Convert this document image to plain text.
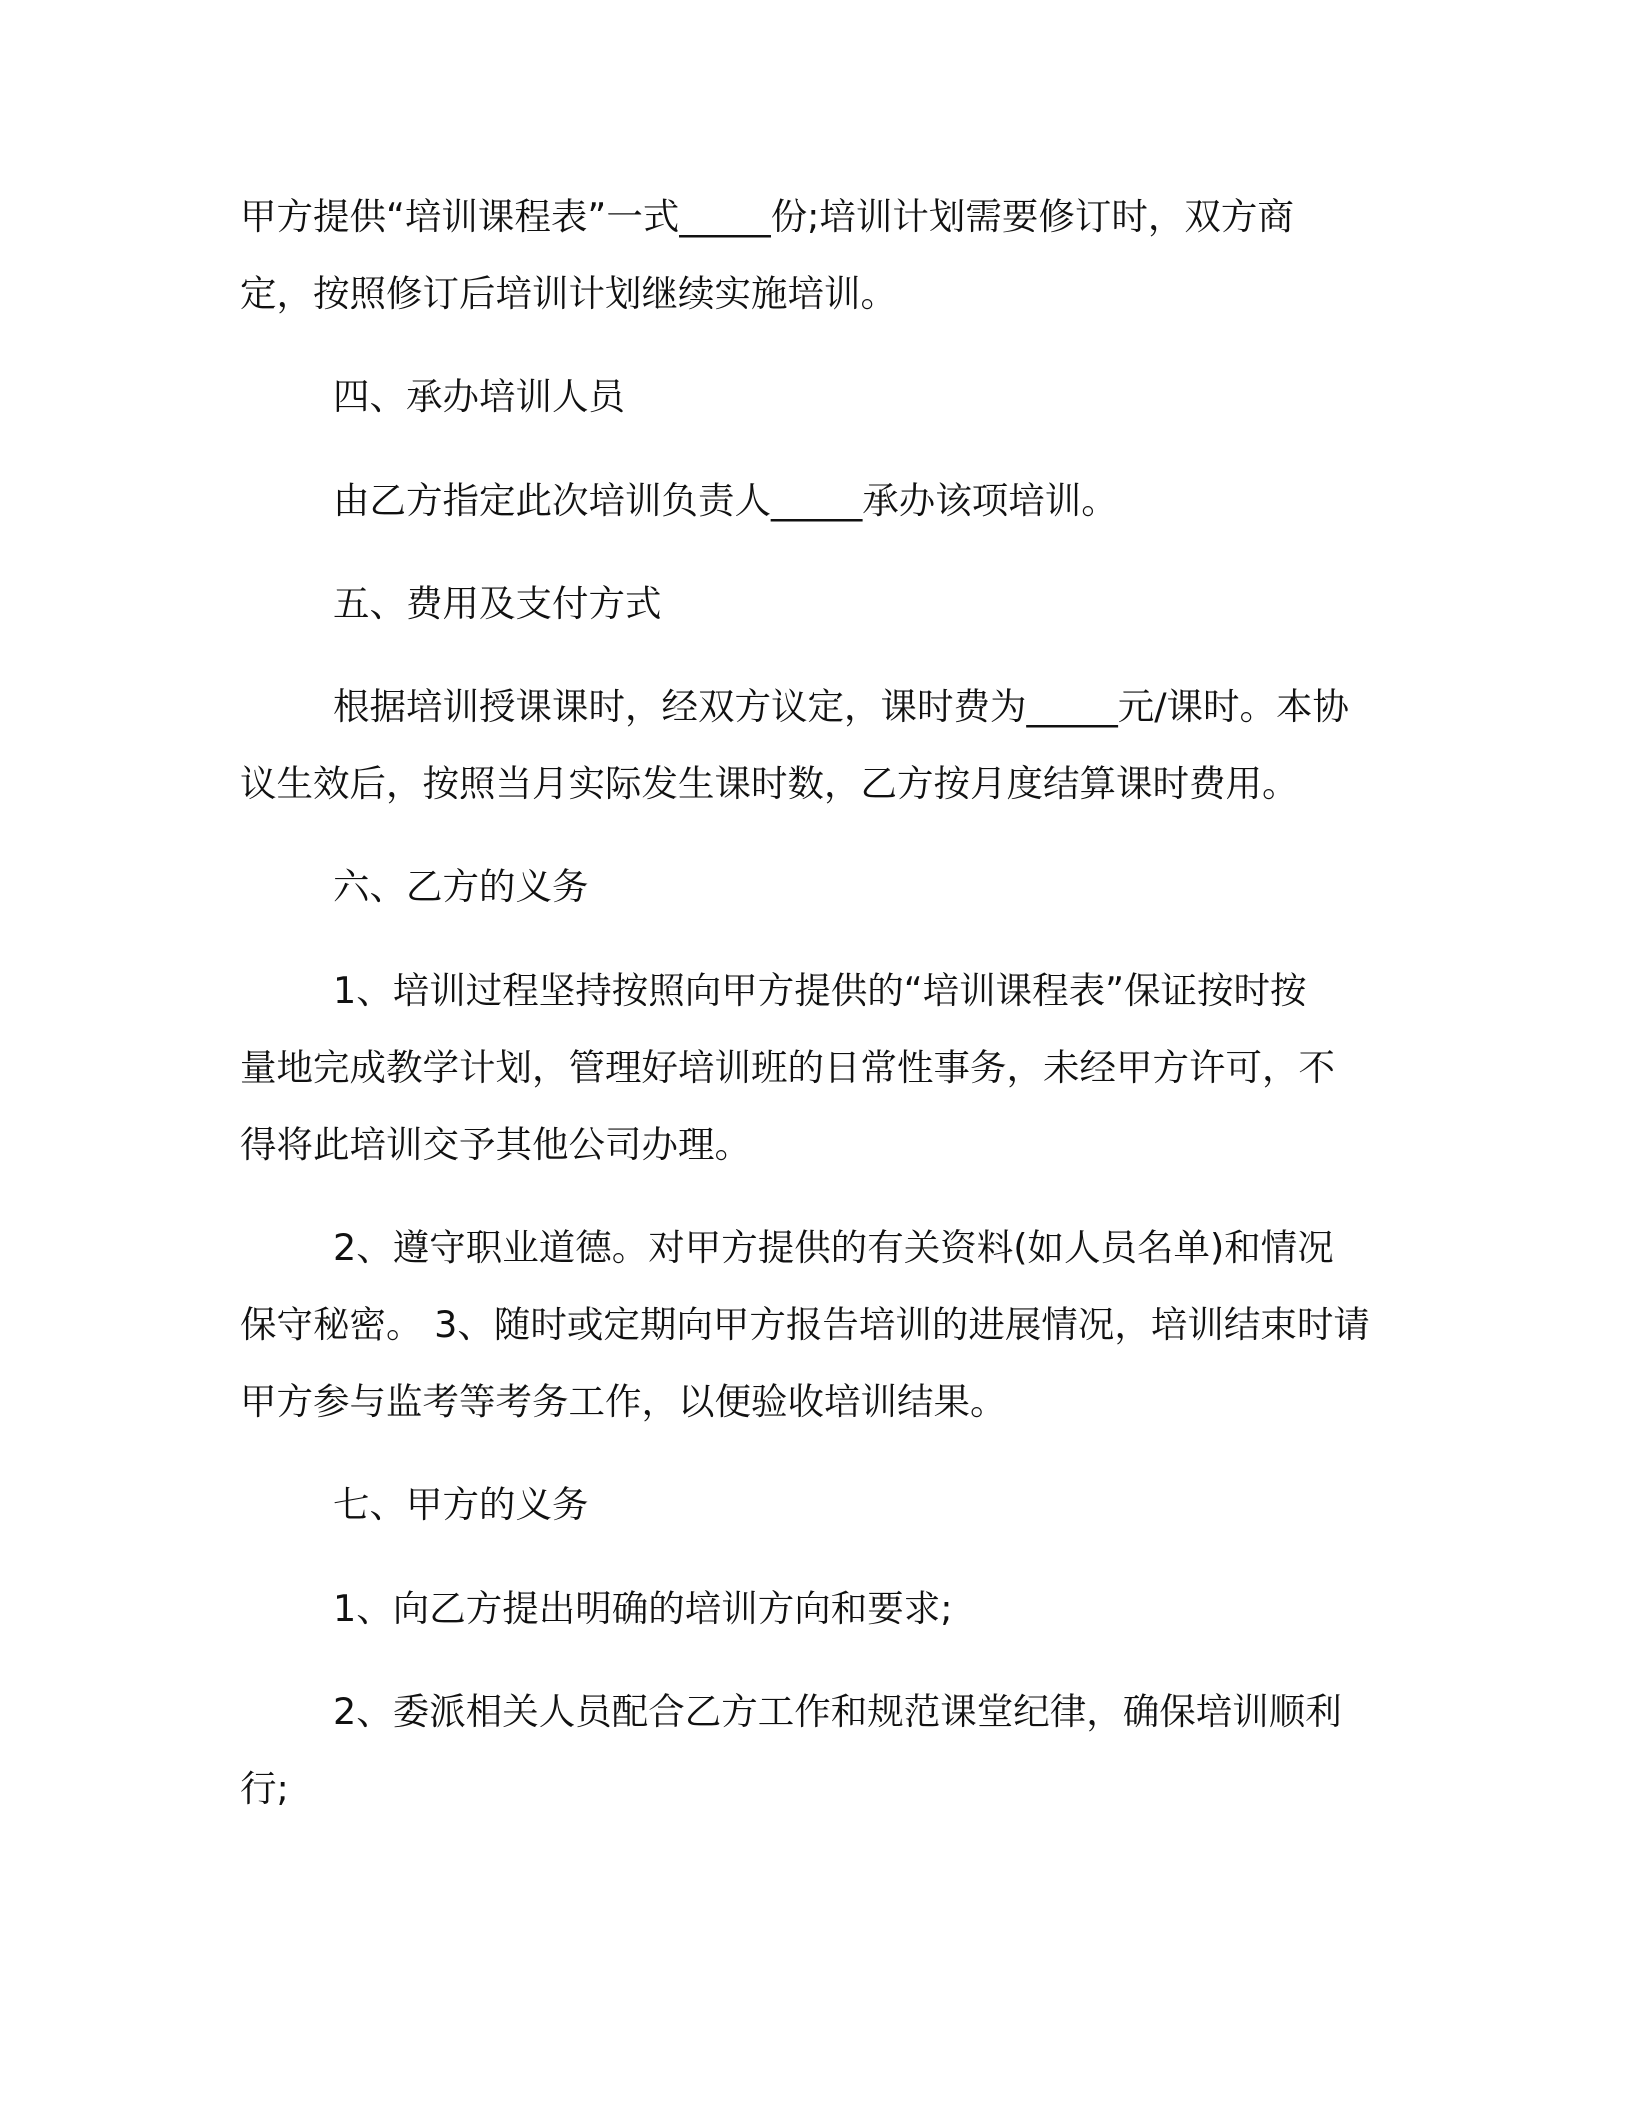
甲方提供“培训课程表”一式_____份;培训计划需要修订时，双方商
定，按照修订后培训计划继续实施培训。
四、承办培训人员
由乙方指定此次培训负责人_____承办该项培训。
五、费用及支付方式
根据培训授课课时，经双方议定，课时费为_____元/课时。本协
议生效后，按照当月实际发生课时数，乙方按月度结算课时费用。
六、乙方的义务
1、培训过程坚持按照向甲方提供的“培训课程表”保证按时按
量地完成教学计划，管理好培训班的日常性事务，未经甲方许可，不
得将此培训交予其他公司办理。
2、遵守职业道德。对甲方提供的有关资料(如人员名单)和情况
保守秘密。 3、随时或定期向甲方报告培训的进展情况，培训结束时请
甲方参与监考等考务工作，以便验收培训结果。
七、甲方的义务
1、向乙方提出明确的培训方向和要求;
2、委派相关人员配合乙方工作和规范课堂纪律，确保培训顺利
行;
